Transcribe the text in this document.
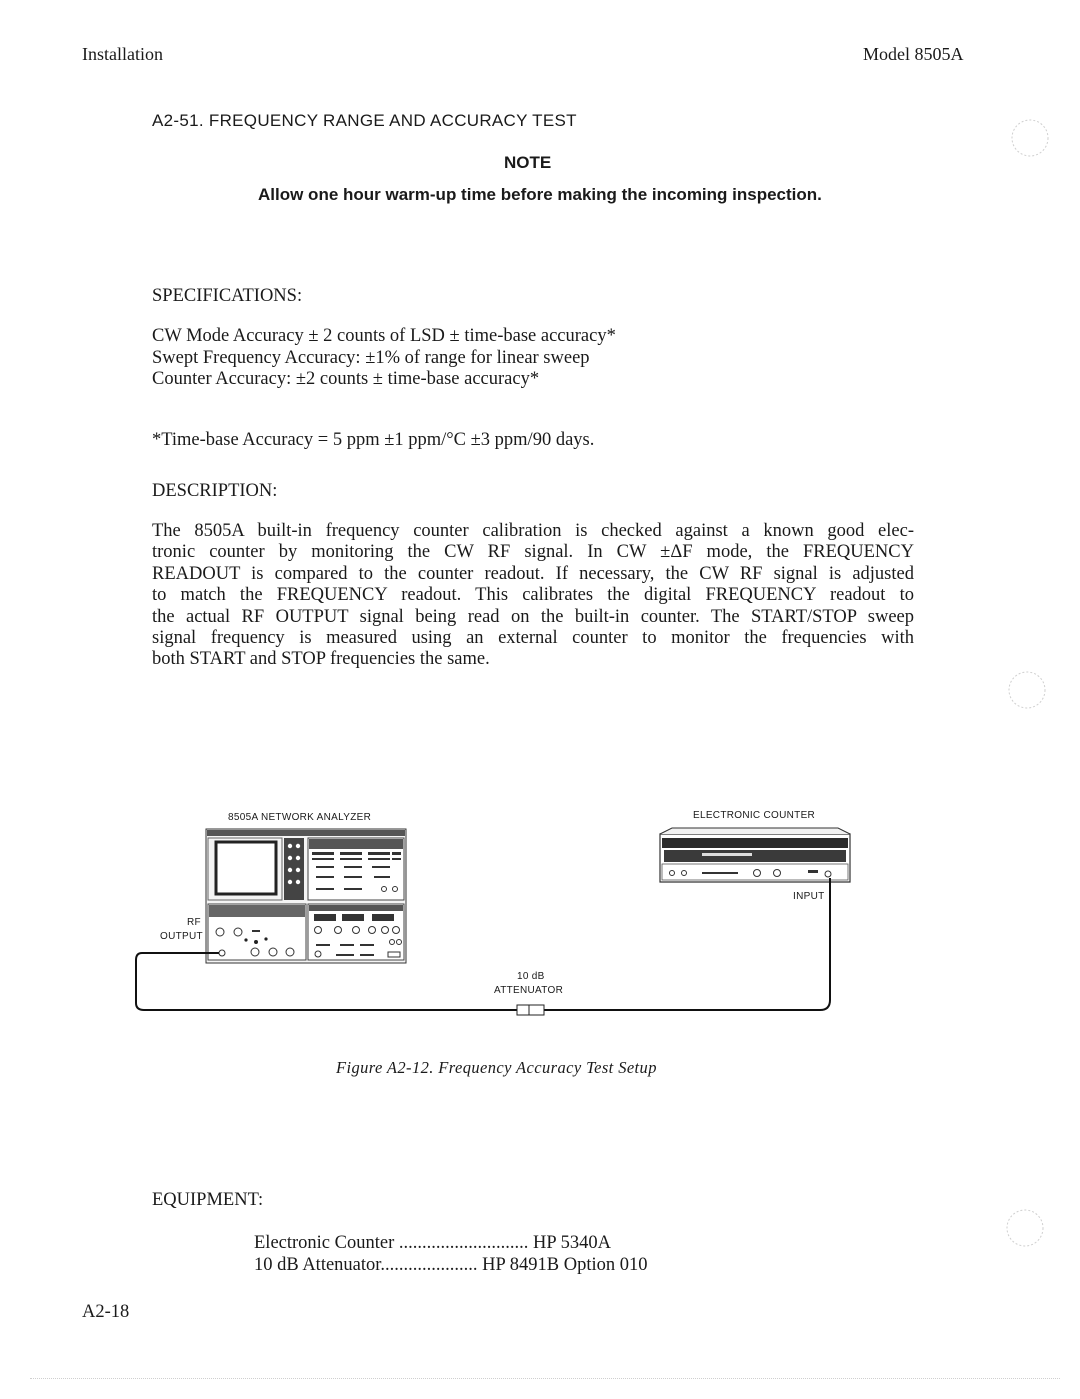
Installation	Model 8505A
A2-51. FREQUENCY RANGE AND ACCURACY TEST
NOTE
Allow one hour warm-up time before making the incoming inspection.
SPECIFICATIONS:
CW Mode Accuracy ± 2 counts of LSD ± time-base accuracy*
Swept Frequency Accuracy: ±1% of range for linear sweep
Counter Accuracy: ±2 counts ± time-base accuracy*
*Time-base Accuracy = 5 ppm ±1 ppm/°C ±3 ppm/90 days.
DESCRIPTION:
The 8505A built-in frequency counter calibration is checked against a known good elec-
tronic counter by monitoring the CW RF signal. In CW ±ΔF mode, the FREQUENCY
READOUT is compared to the counter readout. If necessary, the CW RF signal is adjusted
to match the FREQUENCY readout. This calibrates the digital FREQUENCY readout to
the actual RF OUTPUT signal being read on the built-in counter. The START/STOP sweep
signal frequency is measured using an external counter to monitor the frequencies with
both START and STOP frequencies the same.
8505A NETWORK ANALYZER	ELECTRONIC COUNTER
RF
OUTPUT
INPUT
10 dB
ATTENUATOR
Figure A2-12. Frequency Accuracy Test Setup
EQUIPMENT:
Electronic Counter ............................ HP 5340A
10 dB Attenuator..................... HP 8491B Option 010
A2-18
